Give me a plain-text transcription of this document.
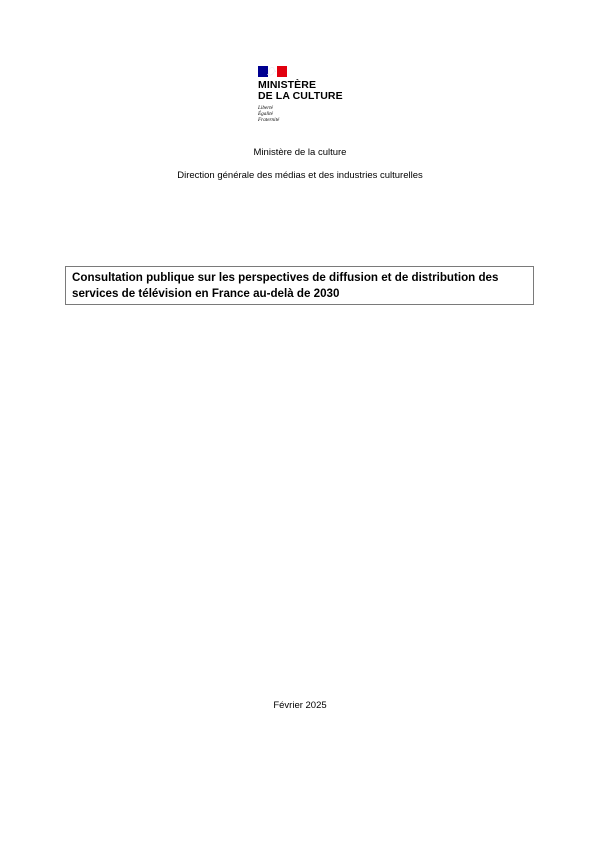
MINISTÈRE
DE LA CULTURE
Liberté
Égalité
Fraternité
Ministère de la culture
Direction générale des médias et des industries culturelles
Consultation publique sur les perspectives de diffusion et de distribution des services de télévision en France au-delà de 2030
Février 2025
